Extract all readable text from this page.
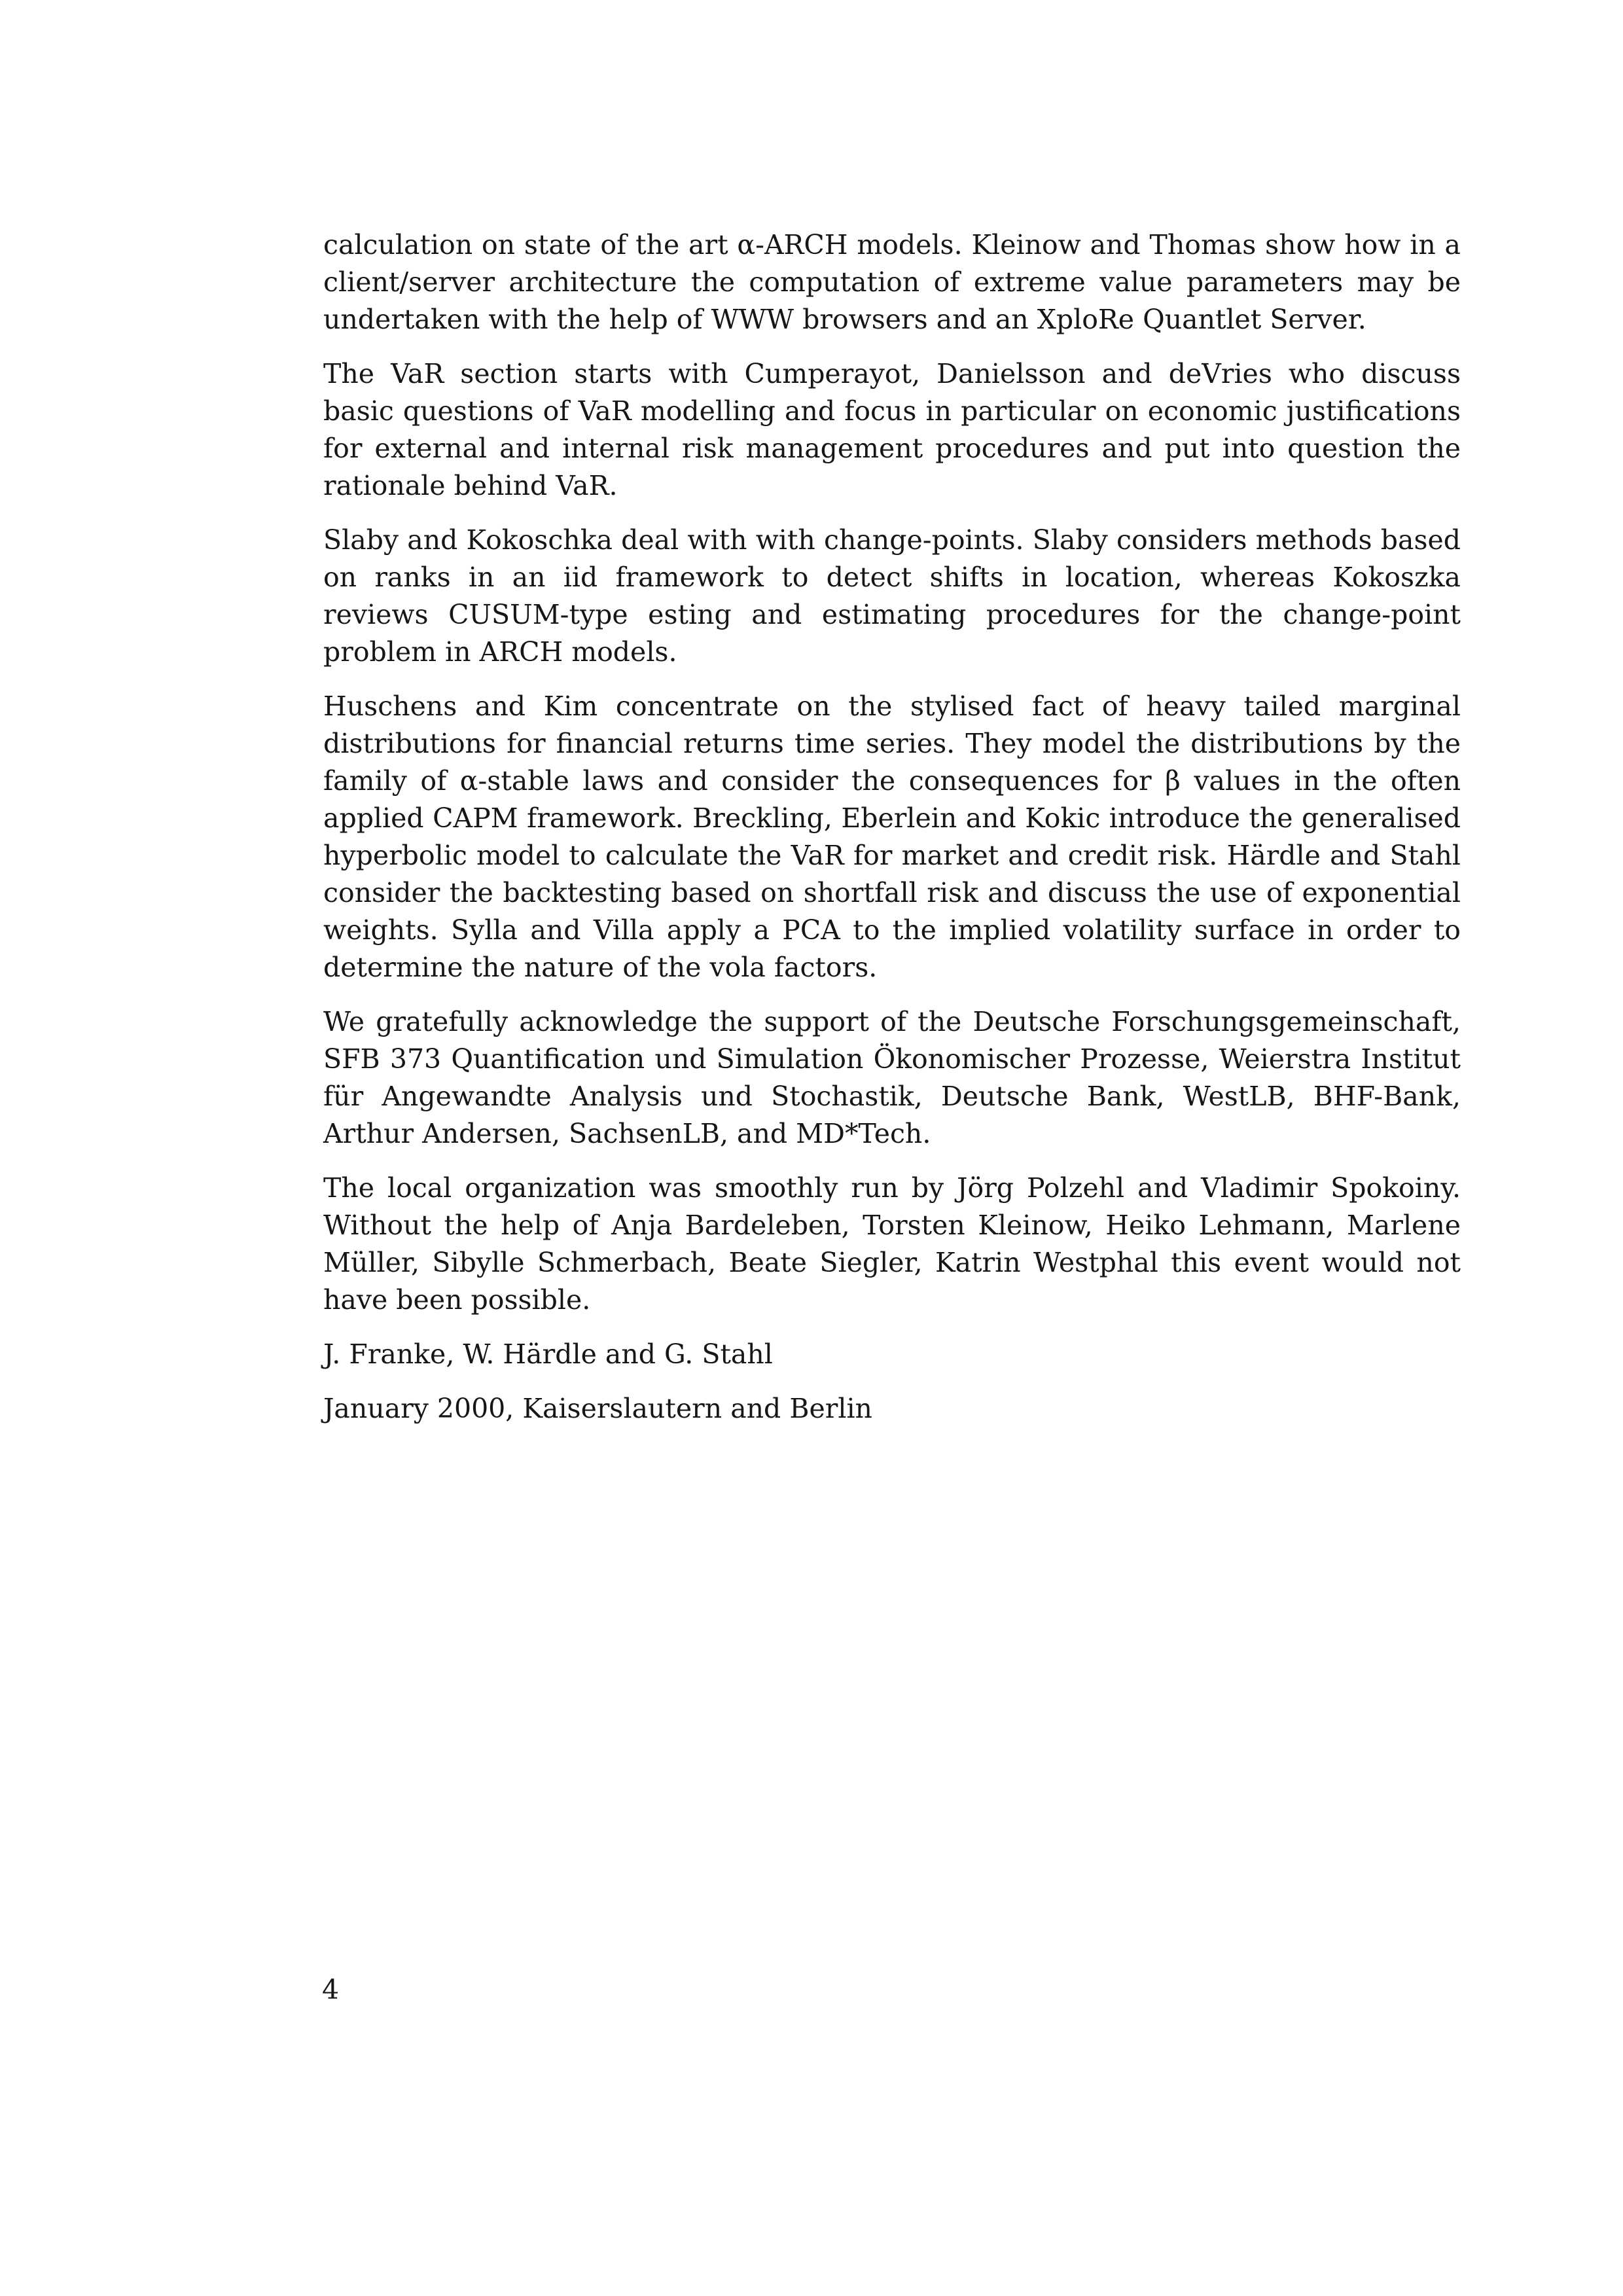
calculation on state of the art α-ARCH models. Kleinow and Thomas show how in a client/server architecture the computation of extreme value parameters may be undertaken with the help of WWW browsers and an XploRe Quantlet Server.

The VaR section starts with Cumperayot, Danielsson and deVries who discuss basic questions of VaR modelling and focus in particular on economic justifications for external and internal risk management procedures and put into question the rationale behind VaR.

Slaby and Kokoschka deal with with change-points. Slaby considers methods based on ranks in an iid framework to detect shifts in location, whereas Kokoszka reviews CUSUM-type esting and estimating procedures for the change-point problem in ARCH models.

Huschens and Kim concentrate on the stylised fact of heavy tailed marginal distributions for financial returns time series. They model the distributions by the family of α-stable laws and consider the consequences for β values in the often applied CAPM framework. Breckling, Eberlein and Kokic introduce the generalised hyperbolic model to calculate the VaR for market and credit risk. Härdle and Stahl consider the backtesting based on shortfall risk and discuss the use of exponential weights. Sylla and Villa apply a PCA to the implied volatility surface in order to determine the nature of the vola factors.

We gratefully acknowledge the support of the Deutsche Forschungsgemeinschaft, SFB 373 Quantification und Simulation Ökonomischer Prozesse, Weierstra Institut für Angewandte Analysis und Stochastik, Deutsche Bank, WestLB, BHF-Bank, Arthur Andersen, SachsenLB, and MD*Tech.

The local organization was smoothly run by Jörg Polzehl and Vladimir Spokoiny. Without the help of Anja Bardeleben, Torsten Kleinow, Heiko Lehmann, Marlene Müller, Sibylle Schmerbach, Beate Siegler, Katrin Westphal this event would not have been possible.

J. Franke, W. Härdle and G. Stahl

January 2000, Kaiserslautern and Berlin

4
